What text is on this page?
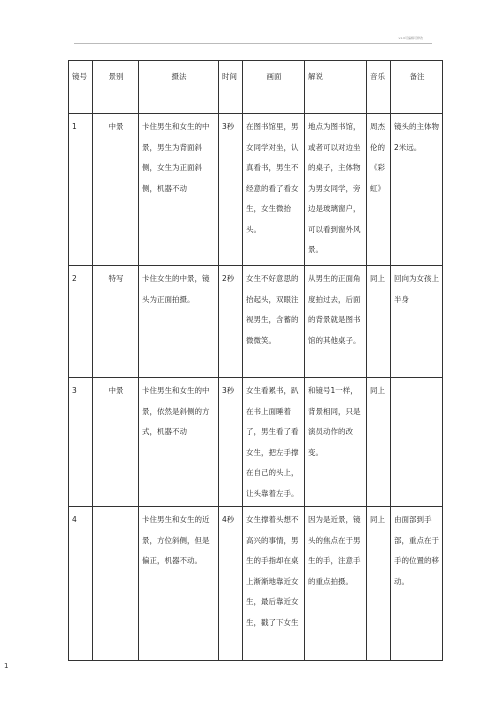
v1.0可编辑可修改
镜号	景别	摄法	时间	画面	解说	音乐	备注
1	中景	卡住男生和女生的中景，男生为背面斜侧，女生为正面斜侧，机器不动	3秒	在图书馆里，男女同学对坐，认真看书，男生不经意的看了看女生，女生微抬头。	地点为图书馆，或者可以对边坐的桌子，主体物为男女同学，旁边是玻璃窗户，可以看到窗外风景。	周杰伦的《彩虹》	镜头的主体物2米远。
2	特写	卡住女生的中景，镜头为正面拍摄。	2秒	女生不好意思的抬起头，双眼注视男生，含蓄的微微笑。	从男生的正面角度拍过去，后面的背景就是图书馆的其他桌子。	同上	回向为女孩上半身
3	中景	卡住男生和女生的中景，依然是斜侧的方式，机器不动	3秒	女生看累书，趴在书上面睡着了，男生看了看女生，把左手撑在自己的头上，让头靠着左手。	和镜号1一样，背景相同，只是演员动作的改变。	同上	
4		卡住男生和女生的近景，方位斜侧，但是偏正，机器不动。	4秒	女生撑着头想不高兴的事情，男生的手指却在桌上渐渐地靠近女生，最后靠近女生，戳了下女生	因为是近景，镜头的焦点在于男生的手，注意手的重点拍摄。	同上	由面部到手部，重点在于手的位置的移动。
1
